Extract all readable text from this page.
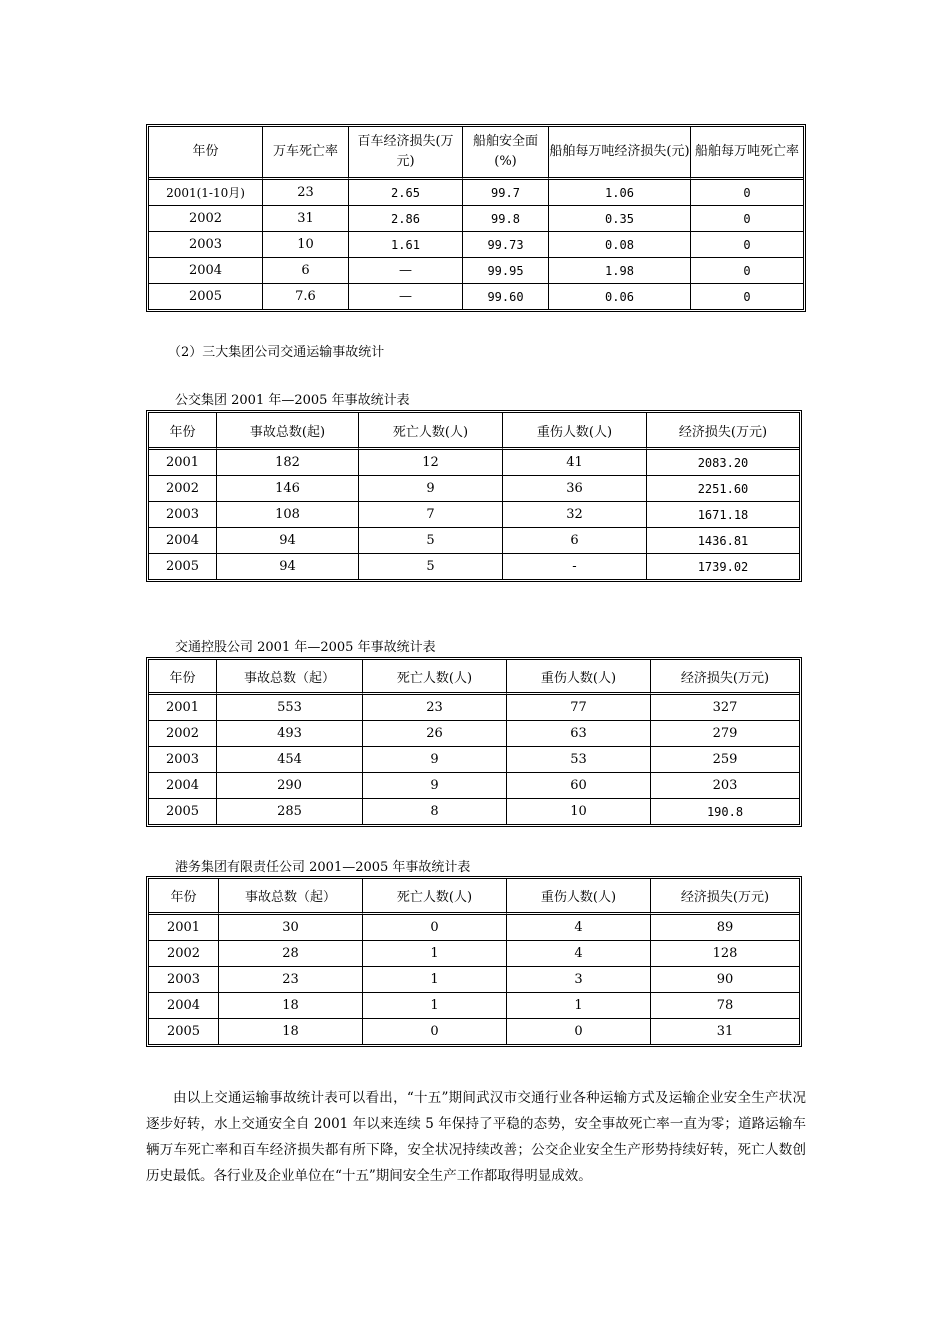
年份	万车死亡率	百车经济损失(万元)	船舶安全面(%)	船舶每万吨经济损失(元)	船舶每万吨死亡率
2001(1-10月)	23	2.65	99.7	1.06	0
2002	31	2.86	99.8	0.35	0
2003	10	1.61	99.73	0.08	0
2004	6	—	99.95	1.98	0
2005	7.6	—	99.60	0.06	0
（2）三大集团公司交通运输事故统计
公交集团 2001 年—2005 年事故统计表
年份	事故总数(起)	死亡人数(人)	重伤人数(人)	经济损失(万元)
2001	182	12	41	2083.20
2002	146	9	36	2251.60
2003	108	7	32	1671.18
2004	94	5	6	1436.81
2005	94	5	-	1739.02
交通控股公司 2001 年—2005 年事故统计表
年份	事故总数（起）	死亡人数(人)	重伤人数(人)	经济损失(万元)
2001	553	23	77	327
2002	493	26	63	279
2003	454	9	53	259
2004	290	9	60	203
2005	285	8	10	190.8
港务集团有限责任公司 2001—2005 年事故统计表
年份	事故总数（起）	死亡人数(人)	重伤人数(人)	经济损失(万元)
2001	30	0	4	89
2002	28	1	4	128
2003	23	1	3	90
2004	18	1	1	78
2005	18	0	0	31

由以上交通运输事故统计表可以看出，“十五”期间武汉市交通行业各种运输方式及运输企业安全生产状况逐步好转，水上交通安全自 2001 年以来连续 5 年保持了平稳的态势，安全事故死亡率一直为零；道路运输车辆万车死亡率和百车经济损失都有所下降，安全状况持续改善；公交企业安全生产形势持续好转，死亡人数创历史最低。各行业及企业单位在“十五”期间安全生产工作都取得明显成效。
